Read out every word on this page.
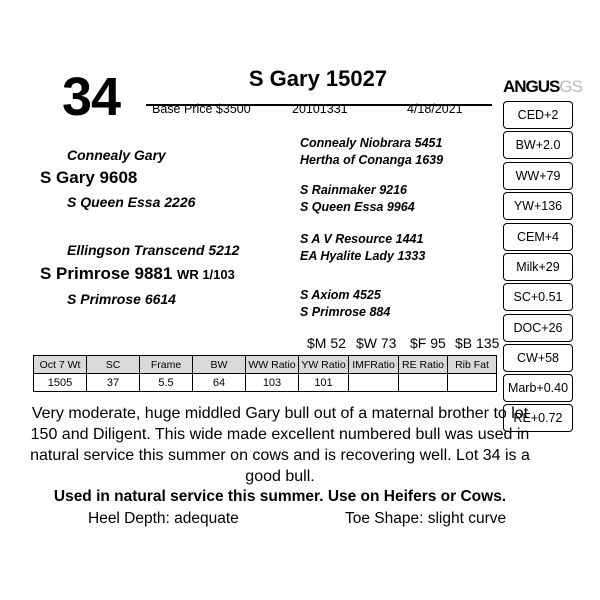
34	S Gary 15027
Base Price $3500	20101331	4/18/2021
Connealy Gary
S Gary 9608
S Queen Essa 2226
Ellingson Transcend 5212
S Primrose 9881 WR 1/103
S Primrose 6614
Connealy Niobrara 5451
Hertha of Conanga 1639
S Rainmaker 9216
S Queen Essa 9964
S A V Resource 1441
EA Hyalite Lady 1333
S Axiom 4525
S Primrose 884
$M 52 $W 73 $F 95 $B 135
Oct 7 Wt	SC	Frame	BW	WW Ratio	YW Ratio	IMFRatio	RE Ratio	Rib Fat
1505	37	5.5	64	103	101			
ANGUSGS
CED+2
BW+2.0
WW+79
YW+136
CEM+4
Milk+29
SC+0.51
DOC+26
CW+58
Marb+0.40
RE+0.72
Very moderate, huge middled Gary bull out of a maternal brother to lot 150 and Diligent. This wide made excellent numbered bull was used in natural service this summer on cows and is recovering well. Lot 34 is a good bull.
Used in natural service this summer. Use on Heifers or Cows.
Heel Depth: adequate	Toe Shape: slight curve
